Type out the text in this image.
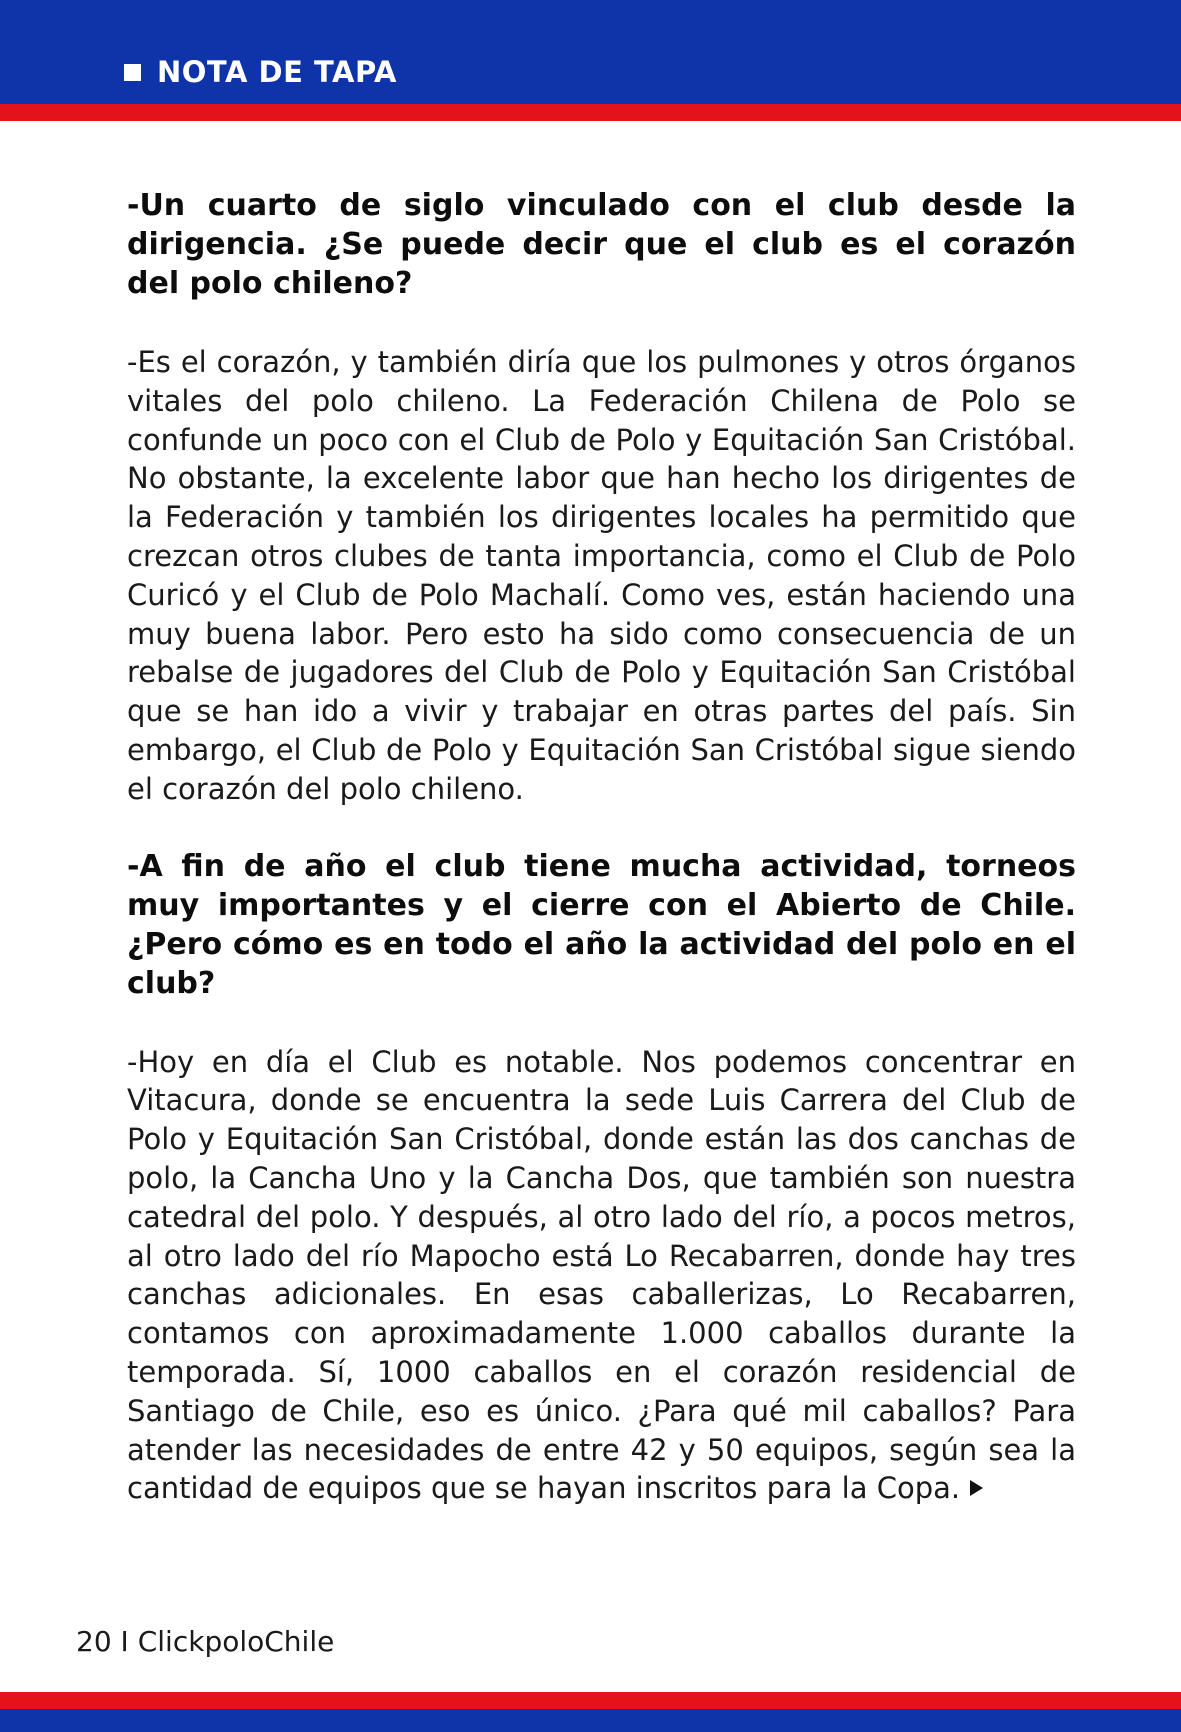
NOTA DE TAPA

-Un cuarto de siglo vinculado con el club desde la dirigencia. ¿Se puede decir que el club es el corazón del polo chileno?

-Es el corazón, y también diría que los pulmones y otros órganos vitales del polo chileno. La Federación Chilena de Polo se confunde un poco con el Club de Polo y Equitación San Cristóbal. No obstante, la excelente labor que han hecho los dirigentes de la Federación y también los dirigentes locales ha permitido que crezcan otros clubes de tanta importancia, como el Club de Polo Curicó y el Club de Polo Machalí. Como ves, están haciendo una muy buena labor. Pero esto ha sido como consecuencia de un rebalse de jugadores del Club de Polo y Equitación San Cristóbal que se han ido a vivir y trabajar en otras partes del país. Sin embargo, el Club de Polo y Equitación San Cristóbal sigue siendo el corazón del polo chileno.

-A fin de año el club tiene mucha actividad, torneos muy importantes y el cierre con el Abierto de Chile. ¿Pero cómo es en todo el año la actividad del polo en el club?

-Hoy en día el Club es notable. Nos podemos concentrar en Vitacura, donde se encuentra la sede Luis Carrera del Club de Polo y Equitación San Cristóbal, donde están las dos canchas de polo, la Cancha Uno y la Cancha Dos, que también son nuestra catedral del polo. Y después, al otro lado del río, a pocos metros, al otro lado del río Mapocho está Lo Recabarren, donde hay tres canchas adicionales. En esas caballerizas, Lo Recabarren, contamos con aproximadamente 1.000 caballos durante la temporada. Sí, 1000 caballos en el corazón residencial de Santiago de Chile, eso es único. ¿Para qué mil caballos? Para atender las necesidades de entre 42 y 50 equipos, según sea la cantidad de equipos que se hayan inscritos para la Copa.

20 I ClickpoloChile
